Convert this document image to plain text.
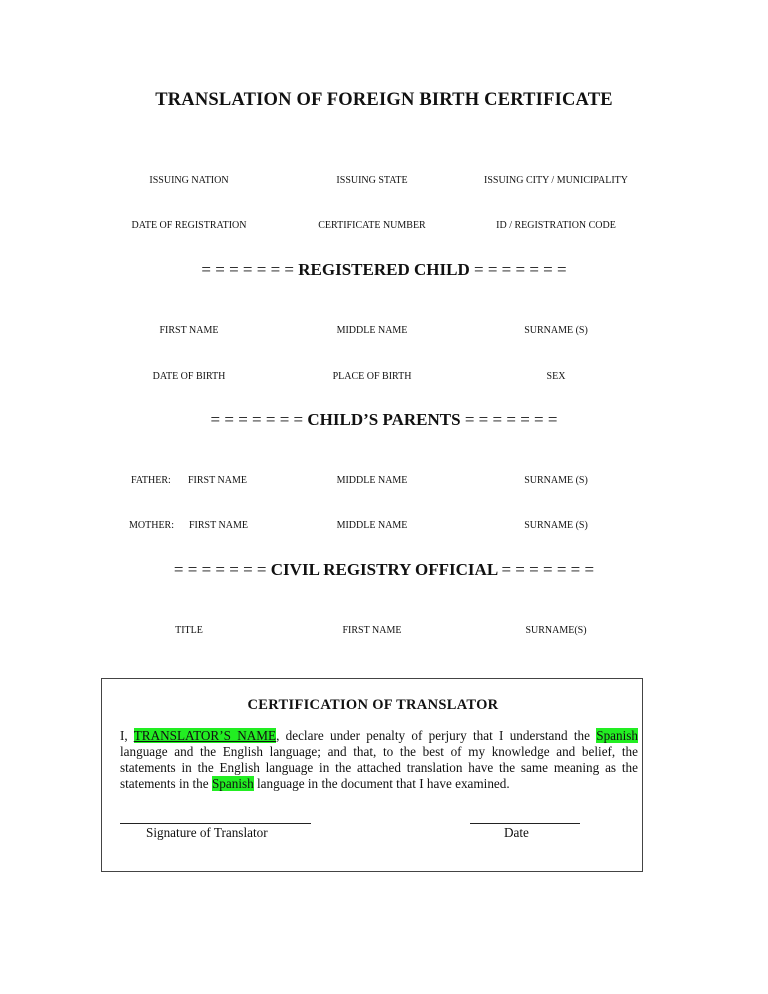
TRANSLATION OF FOREIGN BIRTH CERTIFICATE
ISSUING NATION	ISSUING STATE	ISSUING CITY / MUNICIPALITY
DATE OF REGISTRATION	CERTIFICATE NUMBER	ID / REGISTRATION CODE
= = = = = = = REGISTERED CHILD = = = = = = =
FIRST NAME	MIDDLE NAME	SURNAME (S)
DATE OF BIRTH	PLACE OF BIRTH	SEX
= = = = = = = CHILD’S PARENTS = = = = = = =
FATHER: FIRST NAME	MIDDLE NAME	SURNAME (S)
MOTHER: FIRST NAME	MIDDLE NAME	SURNAME (S)
= = = = = = = CIVIL REGISTRY OFFICIAL = = = = = = =
TITLE	FIRST NAME	SURNAME(S)
CERTIFICATION OF TRANSLATOR
I, TRANSLATOR’S NAME, declare under penalty of perjury that I understand the Spanish language and the English language; and that, to the best of my knowledge and belief, the statements in the English language in the attached translation have the same meaning as the statements in the Spanish language in the document that I have examined.
Signature of Translator	Date
